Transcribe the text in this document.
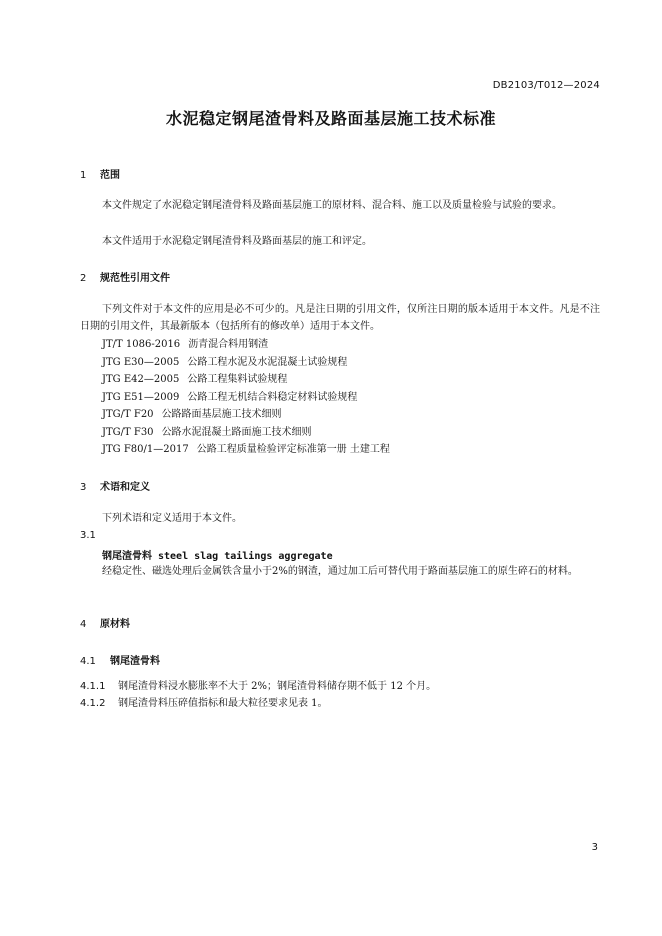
DB2103/T012—2024
水泥稳定钢尾渣骨料及路面基层施工技术标准
1 范围
本文件规定了水泥稳定钢尾渣骨料及路面基层施工的原材料、混合料、施工以及质量检验与试验的要求。
本文件适用于水泥稳定钢尾渣骨料及路面基层的施工和评定。
2 规范性引用文件
下列文件对于本文件的应用是必不可少的。凡是注日期的引用文件，仅所注日期的版本适用于本文件。凡是不注日期的引用文件，其最新版本（包括所有的修改单）适用于本文件。
JT/T 1086-2016 沥青混合料用钢渣
JTG E30—2005 公路工程水泥及水泥混凝土试验规程
JTG E42—2005 公路工程集料试验规程
JTG E51—2009 公路工程无机结合料稳定材料试验规程
JTG/T F20 公路路面基层施工技术细则
JTG/T F30 公路水泥混凝土路面施工技术细则
JTG F80/1—2017 公路工程质量检验评定标准第一册 土建工程
3 术语和定义
下列术语和定义适用于本文件。
3.1
钢尾渣骨料 steel slag tailings aggregate
经稳定性、磁选处理后金属铁含量小于2%的钢渣，通过加工后可替代用于路面基层施工的原生碎石的材料。
4 原材料
4.1 钢尾渣骨料
4.1.1 钢尾渣骨料浸水膨胀率不大于 2%；钢尾渣骨料储存期不低于 12 个月。
4.1.2 钢尾渣骨料压碎值指标和最大粒径要求见表 1。
3
